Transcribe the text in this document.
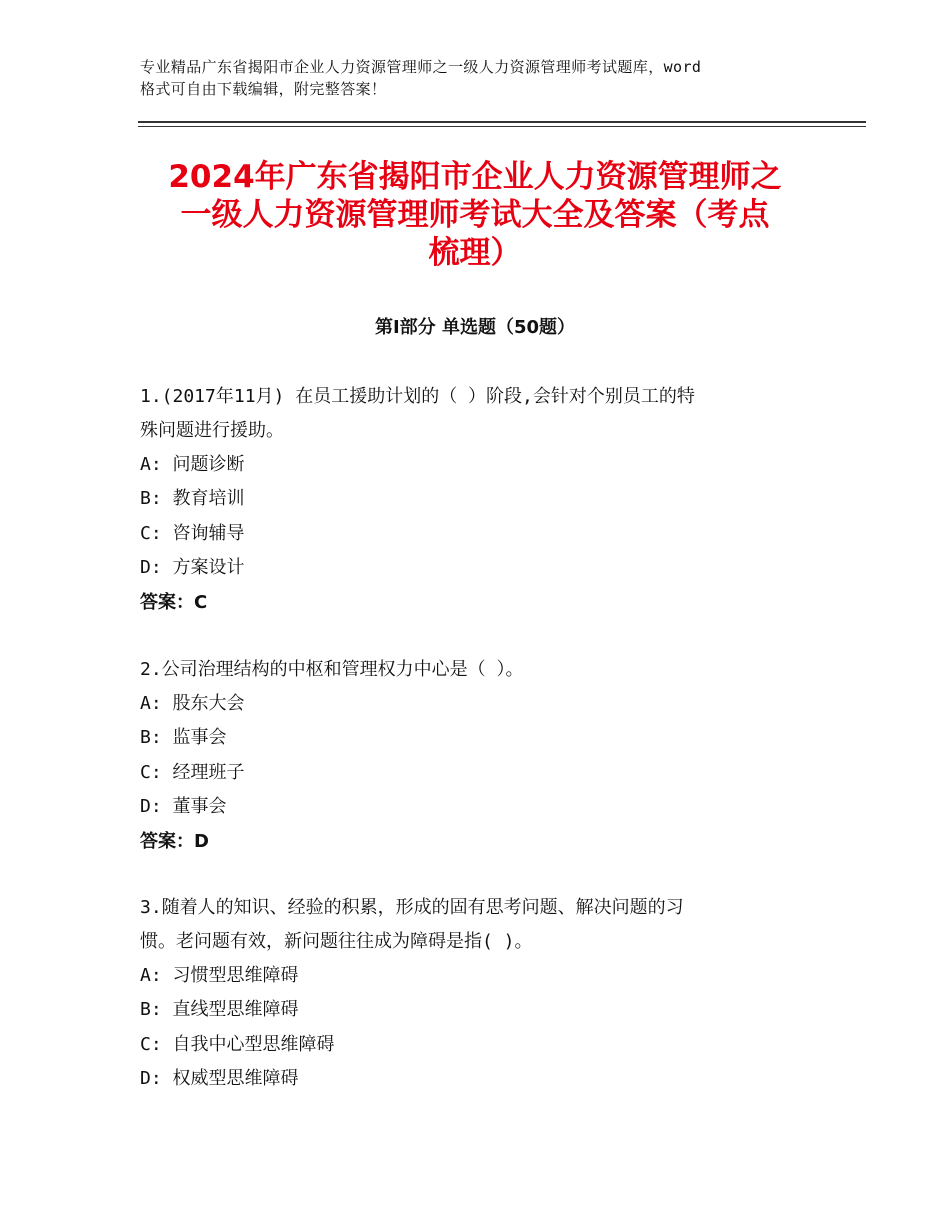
专业精品广东省揭阳市企业人力资源管理师之一级人力资源管理师考试题库，word
格式可自由下载编辑，附完整答案！
2024年广东省揭阳市企业人力资源管理师之
一级人力资源管理师考试大全及答案（考点
梳理）
第Ⅰ部分 单选题（50题）
1.(2017年11月) 在员工援助计划的（ ）阶段,会针对个别员工的特
殊问题进行援助。
A: 问题诊断
B: 教育培训
C: 咨询辅导
D: 方案设计
答案：C
2.公司治理结构的中枢和管理权力中心是（ ）。
A: 股东大会
B: 监事会
C: 经理班子
D: 董事会
答案：D
3.随着人的知识、经验的积累，形成的固有思考问题、解决问题的习
惯。老问题有效，新问题往往成为障碍是指( )。
A: 习惯型思维障碍
B: 直线型思维障碍
C: 自我中心型思维障碍
D: 权威型思维障碍
